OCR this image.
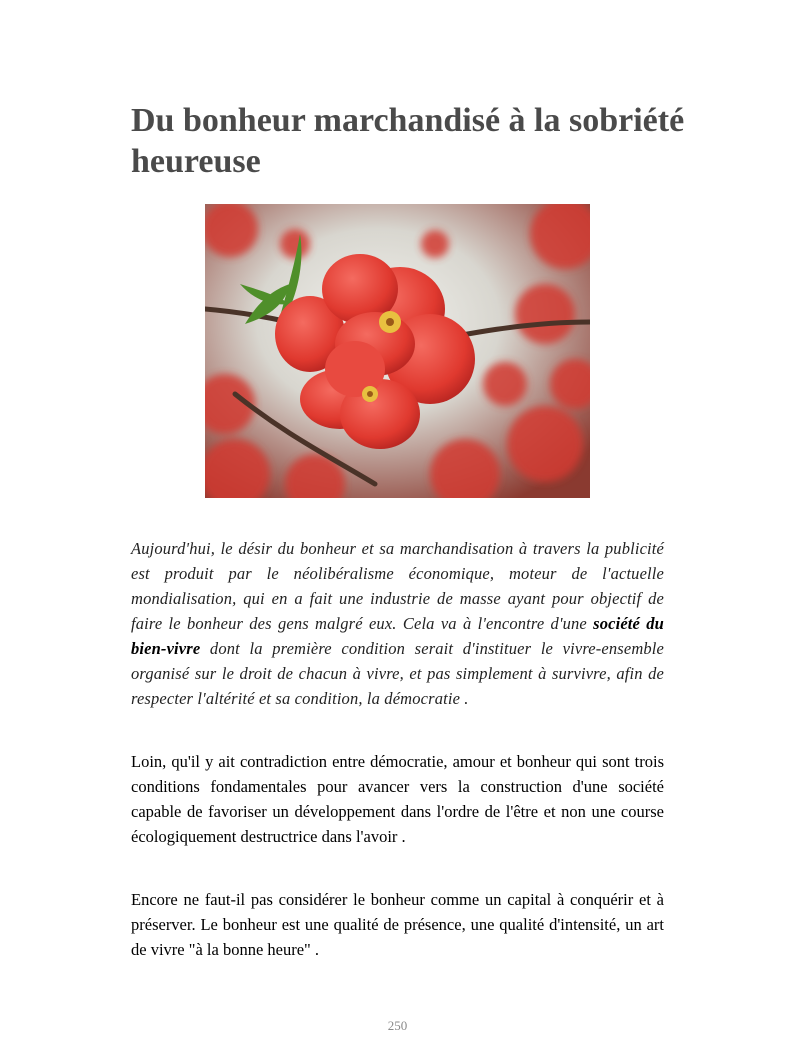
Du bonheur marchandisé à la sobriété heureuse

Aujourd'hui, le désir du bonheur et sa marchandisation à travers la publicité est produit par le néolibéralisme économique, moteur de l'actuelle mondialisation, qui en a fait une industrie de masse ayant pour objectif de faire le bonheur des gens malgré eux. Cela va à l'encontre d'une société du bien-vivre dont la première condition serait d'instituer le vivre-ensemble organisé sur le droit de chacun à vivre, et pas simplement à survivre, afin de respecter l'altérité et sa condition, la démocratie .

Loin, qu'il y ait contradiction entre démocratie, amour et bonheur qui sont trois conditions fondamentales pour avancer vers la construction d'une société capable de favoriser un développement dans l'ordre de l'être et non une course écologiquement destructrice dans l'avoir .

Encore ne faut-il pas considérer le bonheur comme un capital à conquérir et à préserver. Le bonheur est une qualité de présence, une qualité d'intensité, un art de vivre "à la bonne heure" .

250
